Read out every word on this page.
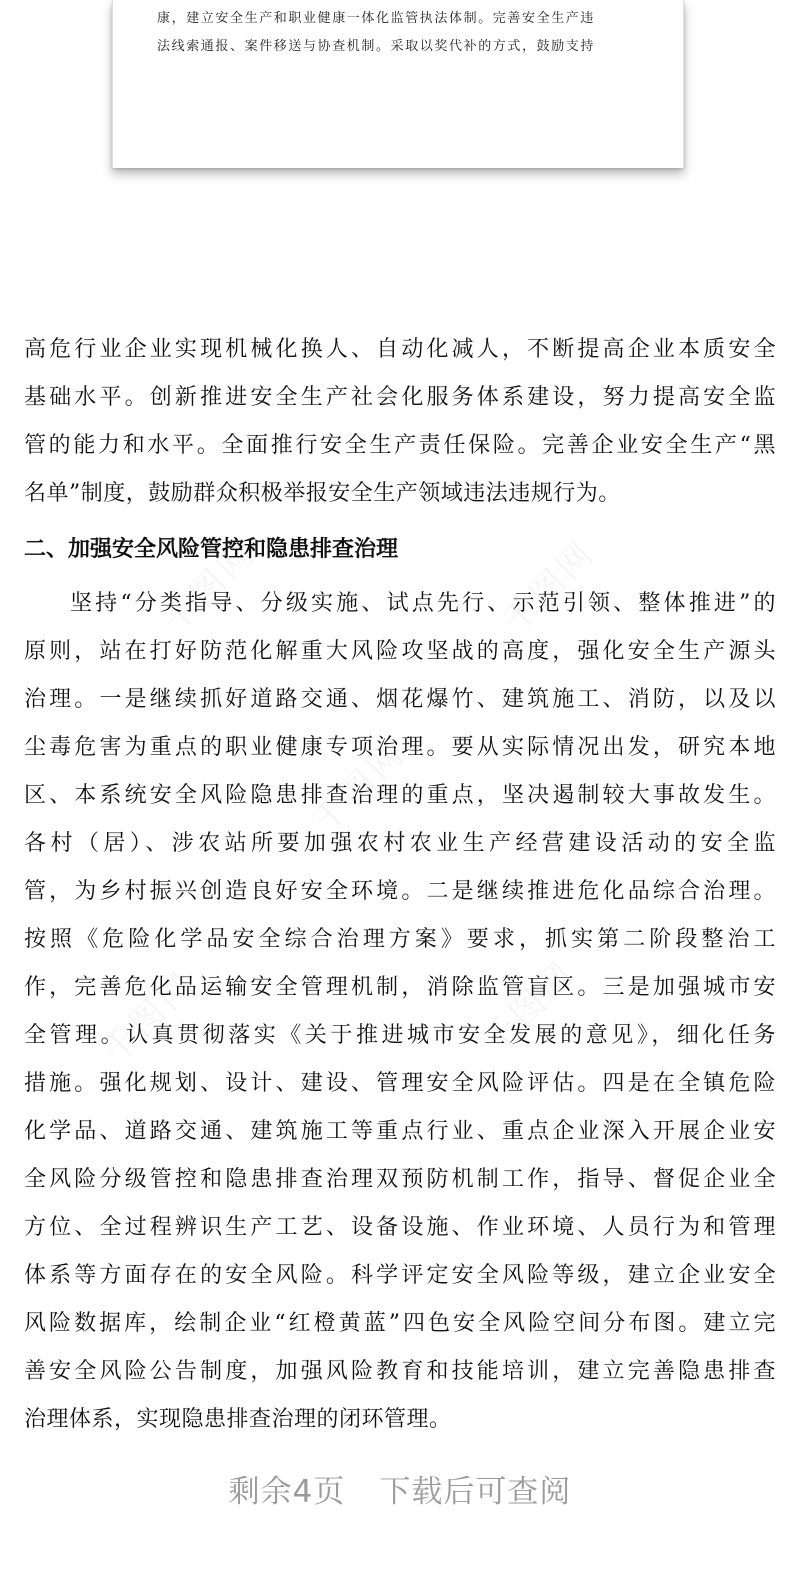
康，建立安全生产和职业健康一体化监管执法体制。完善安全生产违
法线索通报、案件移送与协查机制。采取以奖代补的方式，鼓励支持
高危行业企业实现机械化换人、自动化减人，不断提高企业本质安全
基础水平。创新推进安全生产社会化服务体系建设，努力提高安全监
管的能力和水平。全面推行安全生产责任保险。完善企业安全生产“黑
名单”制度，鼓励群众积极举报安全生产领域违法违规行为。
二、加强安全风险管控和隐患排查治理
坚持“分类指导、分级实施、试点先行、示范引领、整体推进”的
原则，站在打好防范化解重大风险攻坚战的高度，强化安全生产源头
治理。一是继续抓好道路交通、烟花爆竹、建筑施工、消防，以及以
尘毒危害为重点的职业健康专项治理。要从实际情况出发，研究本地
区、本系统安全风险隐患排查治理的重点，坚决遏制较大事故发生。
各村（居）、涉农站所要加强农村农业生产经营建设活动的安全监
管，为乡村振兴创造良好安全环境。二是继续推进危化品综合治理。
按照《危险化学品安全综合治理方案》要求，抓实第二阶段整治工
作，完善危化品运输安全管理机制，消除监管盲区。三是加强城市安
全管理。认真贯彻落实《关于推进城市安全发展的意见》，细化任务
措施。强化规划、设计、建设、管理安全风险评估。四是在全镇危险
化学品、道路交通、建筑施工等重点行业、重点企业深入开展企业安
全风险分级管控和隐患排查治理双预防机制工作，指导、督促企业全
方位、全过程辨识生产工艺、设备设施、作业环境、人员行为和管理
体系等方面存在的安全风险。科学评定安全风险等级，建立企业安全
风险数据库，绘制企业“红橙黄蓝”四色安全风险空间分布图。建立完
善安全风险公告制度，加强风险教育和技能培训，建立完善隐患排查
治理体系，实现隐患排查治理的闭环管理。
剩余4页 下载后可查阅
